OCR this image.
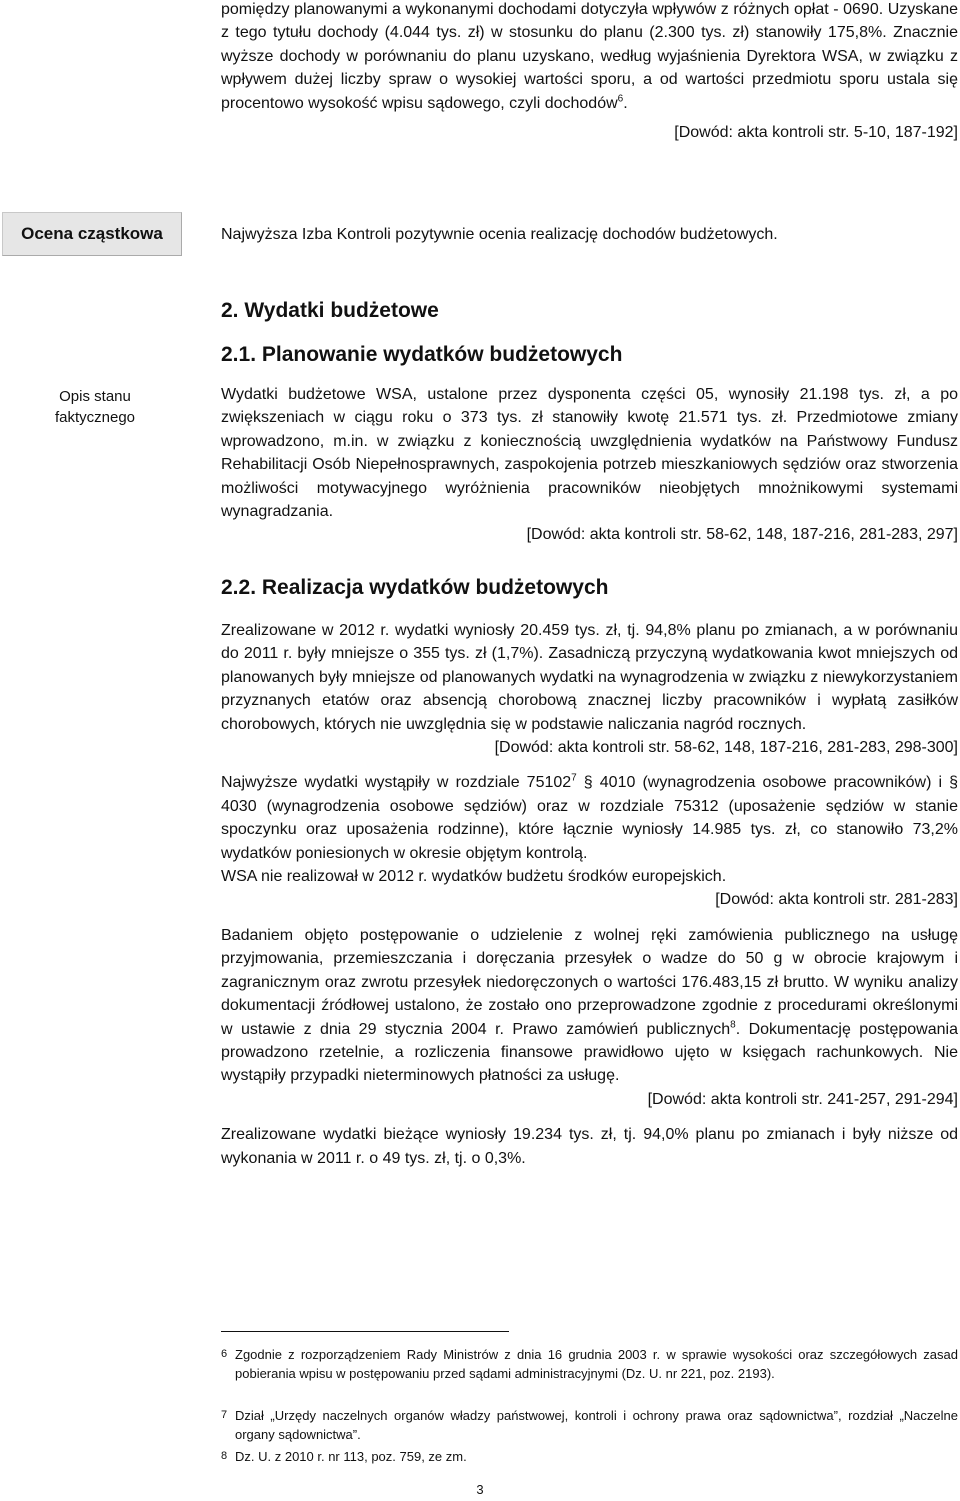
pomiędzy planowanymi a wykonanymi dochodami dotyczyła wpływów z różnych opłat - 0690. Uzyskane z tego tytułu dochody (4.044 tys. zł) w stosunku do planu (2.300 tys. zł) stanowiły 175,8%. Znacznie wyższe dochody w porównaniu do planu uzyskano, według wyjaśnienia Dyrektora WSA, w związku z wpływem dużej liczby spraw o wysokiej wartości sporu, a od wartości przedmiotu sporu ustala się procentowo wysokość wpisu sądowego, czyli dochodów$^6$.

[Dowód: akta kontroli str. 5-10, 187-192]

Ocena cząstkowa	Najwyższa Izba Kontroli pozytywnie ocenia realizację dochodów budżetowych.

2. Wydatki budżetowe
2.1. Planowanie wydatków budżetowych
Opis stanu
faktycznego

Wydatki budżetowe WSA, ustalone przez dysponenta części 05, wynosiły 21.198 tys. zł, a po zwiększeniach w ciągu roku o 373 tys. zł stanowiły kwotę 21.571 tys. zł. Przedmiotowe zmiany wprowadzono, m.in. w związku z koniecznością uwzględnienia wydatków na Państwowy Fundusz Rehabilitacji Osób Niepełnosprawnych, zaspokojenia potrzeb mieszkaniowych sędziów oraz stworzenia możliwości motywacyjnego wyróżnienia pracowników nieobjętych mnożnikowymi systemami wynagradzania.

[Dowód: akta kontroli str. 58-62, 148, 187-216, 281-283, 297]

2.2. Realizacja wydatków budżetowych

Zrealizowane w 2012 r. wydatki wyniosły 20.459 tys. zł, tj. 94,8% planu po zmianach, a w porównaniu do 2011 r. były mniejsze o 355 tys. zł (1,7%). Zasadniczą przyczyną wydatkowania kwot mniejszych od planowanych były mniejsze od planowanych wydatki na wynagrodzenia w związku z niewykorzystaniem przyznanych etatów oraz absencją chorobową znacznej liczby pracowników i wypłatą zasiłków chorobowych, których nie uwzględnia się w podstawie naliczania nagród rocznych.

[Dowód: akta kontroli str. 58-62, 148, 187-216, 281-283, 298-300]

Najwyższe wydatki wystąpiły w rozdziale 75102$^7$ § 4010 (wynagrodzenia osobowe pracowników) i § 4030 (wynagrodzenia osobowe sędziów) oraz w rozdziale 75312 (uposażenie sędziów w stanie spoczynku oraz uposażenia rodzinne), które łącznie wyniosły 14.985 tys. zł, co stanowiło 73,2% wydatków poniesionych w okresie objętym kontrolą.

WSA nie realizował w 2012 r. wydatków budżetu środków europejskich.

[Dowód: akta kontroli str. 281-283]

Badaniem objęto postępowanie o udzielenie z wolnej ręki zamówienia publicznego na usługę przyjmowania, przemieszczania i doręczania przesyłek o wadze do 50 g w obrocie krajowym i zagranicznym oraz zwrotu przesyłek niedoręczonych o wartości 176.483,15 zł brutto. W wyniku analizy dokumentacji źródłowej ustalono, że zostało ono przeprowadzone zgodnie z procedurami określonymi w ustawie z dnia 29 stycznia 2004 r. Prawo zamówień publicznych$^8$. Dokumentację postępowania prowadzono rzetelnie, a rozliczenia finansowe prawidłowo ujęto w księgach rachunkowych. Nie wystąpiły przypadki nieterminowych płatności za usługę.

[Dowód: akta kontroli str. 241-257, 291-294]

Zrealizowane wydatki bieżące wyniosły 19.234 tys. zł, tj. 94,0% planu po zmianach i były niższe od wykonania w 2011 r. o 49 tys. zł, tj. o 0,3%.

6 Zgodnie z rozporządzeniem Rady Ministrów z dnia 16 grudnia 2003 r. w sprawie wysokości oraz szczegółowych zasad pobierania wpisu w postępowaniu przed sądami administracyjnymi (Dz. U. nr 221, poz. 2193).
7 Dział „Urzędy naczelnych organów władzy państwowej, kontroli i ochrony prawa oraz sądownictwa”, rozdział „Naczelne organy sądownictwa”.
8 Dz. U. z 2010 r. nr 113, poz. 759, ze zm.
3
